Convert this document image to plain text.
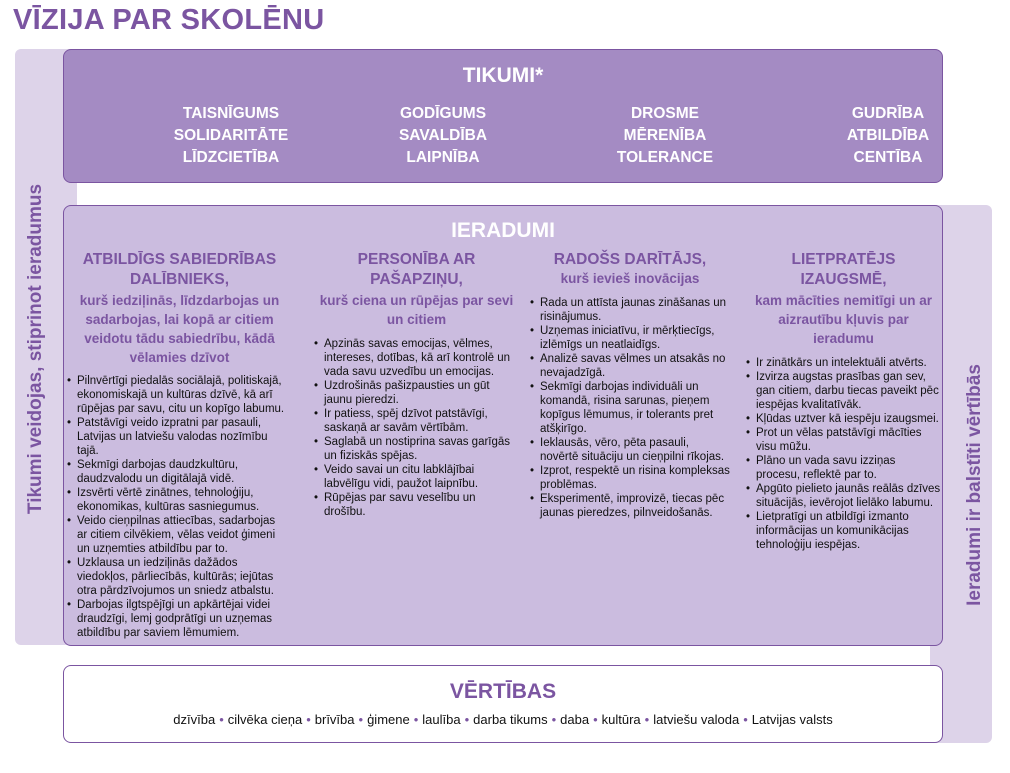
VĪZIJA PAR SKOLĒNU
TIKUMI*
TAISNĪGUMS
SOLIDARITĀTE
LĪDZCIETĪBA
GODĪGUMS
SAVALDĪBA
LAIPNĪBA
DROSME
MĒRENĪBA
TOLERANCE
GUDRĪBA
ATBILDĪBA
CENTĪBA
IERADUMI
ATBILDĪGS SABIEDRĪBAS DALĪBNIEKS,
kurš iedziļinās, līdzdarbojas un sadarbojas, lai kopā ar citiem veidotu tādu sabiedrību, kādā vēlamies dzīvot
• Pilnvērtīgi piedalās sociālajā, politiskajā, ekonomiskajā un kultūras dzīvē, kā arī rūpējas par savu, citu un kopīgo labumu.
• Patstāvīgi veido izpratni par pasauli, Latvijas un latviešu valodas nozīmību tajā.
• Sekmīgi darbojas daudzkultūru, daudzvalodu un digitālajā vidē.
• Izsvērti vērtē zinātnes, tehnoloģiju, ekonomikas, kultūras sasniegumus.
• Veido cieņpilnas attiecības, sadarbojas ar citiem cilvēkiem, vēlas veidot ģimeni un uzņemties atbildību par to.
• Uzklausa un iedziļinās dažādos viedokļos, pārliecībās, kultūrās; iejūtas otra pārdzīvojumos un sniedz atbalstu.
• Darbojas ilgtspējīgi un apkārtējai videi draudzīgi, lemj godprātīgi un uzņemas atbildību par saviem lēmumiem.
PERSONĪBA AR PAŠAPZIŅU,
kurš ciena un rūpējas par sevi un citiem
• Apzinās savas emocijas, vēlmes, intereses, dotības, kā arī kontrolē un vada savu uzvedību un emocijas.
• Uzdrošinās pašizpausties un gūt jaunu pieredzi.
• Ir patiess, spēj dzīvot patstāvīgi, saskaņā ar savām vērtībām.
• Saglabā un nostiprina savas garīgās un fiziskās spējas.
• Veido savai un citu labklājībai labvēlīgu vidi, paužot laipnību.
• Rūpējas par savu veselību un drošību.
RADOŠS DARĪTĀJS,
kurš ievieš inovācijas
• Rada un attīsta jaunas zināšanas un risinājumus.
• Uzņemas iniciatīvu, ir mērķtiecīgs, izlēmīgs un neatlaidīgs.
• Analizē savas vēlmes un atsakās no nevajadzīgā.
• Sekmīgi darbojas individuāli un komandā, risina sarunas, pieņem kopīgus lēmumus, ir tolerants pret atšķirīgo.
• Ieklausās, vēro, pēta pasauli, novērtē situāciju un cieņpilni rīkojas.
• Izprot, respektē un risina kompleksas problēmas.
• Eksperimentē, improvizē, tiecas pēc jaunas pieredzes, pilnveidošanās.
LIETPRATĒJS IZAUGSMĒ,
kam mācīties nemitīgi un ar aizrautību kļuvis par ieradumu
• Ir zinātkārs un intelektuāli atvērts.
• Izvirza augstas prasības gan sev, gan citiem, darbu tiecas paveikt pēc iespējas kvalitatīvāk.
• Kļūdas uztver kā iespēju izaugsmei.
• Prot un vēlas patstāvīgi mācīties visu mūžu.
• Plāno un vada savu izziņas procesu, reflektē par to.
• Apgūto pielieto jaunās reālās dzīves situācijās, ievērojot lielāko labumu.
• Lietpratīgi un atbildīgi izmanto informācijas un komunikācijas tehnoloģiju iespējas.
VĒRTĪBAS
dzīvība • cilvēka cieņa • brīvība • ģimene • laulība • darba tikums • daba • kultūra • latviešu valoda • Latvijas valsts
Tikumi veidojas, stiprinot ieradumus	Ieradumi ir balstīti vērtībās
